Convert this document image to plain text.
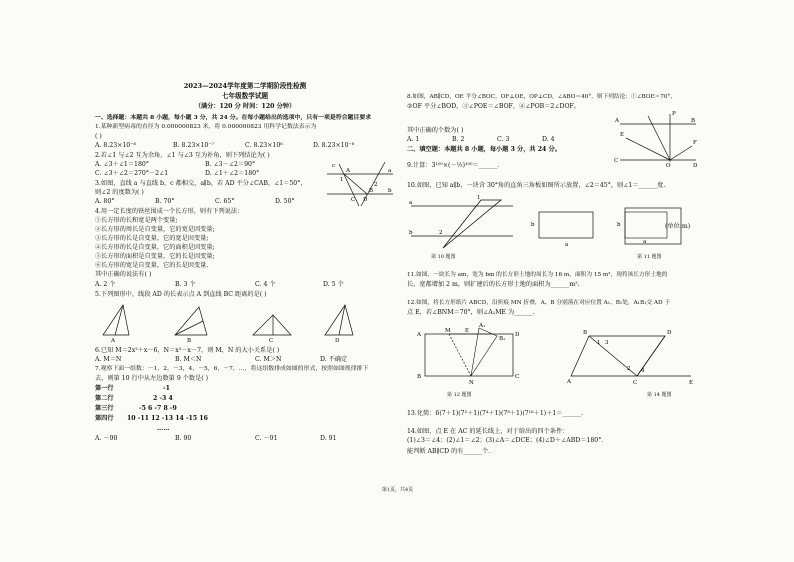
2023—2024学年度第二学期阶段性检测
七年级数学试题
（满分：120 分 时间：120 分钟）
一、选择题：本题共 8 小题，每小题 3 分，共 24 分。在每小题给出的选项中，只有一项是符合题目要求
1.某种新型病毒的直径为 0.000000823 米，将 0.000000823 用科学记数法表示为
( )
A. 8.23×10⁻⁶	B. 8.23×10⁻⁷	C. 8.23×10⁶	D. 8.23×10⁻⁸
2.若∠1 与∠2 互为余角，∠1 与∠3 互为补角，则下列结论为( )
A. ∠3＋∠1＝180°	B. ∠3－∠2＝90°
C. ∠3＋∠2＝270°－2∠1	D. ∠1＋∠2＝180°	a
b
c
A
B
C D
1
2
3.如图，直线 a 与直线 b，c 都相交，a∥b，若 AD 平分∠CAB，∠1＝50°，
则∠2 的度数为( )
A. 80°	B. 70°	C. 65°	D. 50°
4.用一定长度的铁丝围成一个长方形，则有下列说法：
①长方形的长和宽是两个变量;
②长方形的周长是自变量，它的宽是因变量;
③长方形的长是自变量，它的宽是因变量;
④长方形的长是自变量，它的面积是因变量;
⑤长方形的面积是自变量，它的长是因变量;
⑥长方形的宽是自变量，它的长是因变量.
其中正确的说法有( )
A. 2 个	B. 3 个	C. 4 个	D. 5 个
5.下列图形中，线段 AD 的长表示点 A 到直线 BC 距离的是( )
A	B	C	D
6.已知 M＝2x²＋x－6，N＝x²－x－7，则 M，N 的大小关系是( )
A. M＝N	B. M＜N	C. M＞N	D. 不确定
7.观察下面一组数：－1，2，－3，4，－5，6，－7，…，将这组数排成如图的形式，按照如图规律排下
去，则第 10 行中从左边数第 9 个数是( )
第一行	-1
第二行	2 -3 4
第三行	-5 6 -7 8 -9
第四行 10 -11 12 -13 14 -15 16
……
A. －90	B. 90	C. －91	D. 91
8.如图，AB∥CD，OE 平分∠BOC，OF⊥OE，OP⊥CD，∠ABO＝40°，则下列结论：①∠BOE＝70°，
②OF 平分∠BOD，③∠POE＝∠BOF，④∠POB＝2∠DOF。
其中正确的个数为( )
A. 1	B. 2	C. 3	D. 4
E
P
A	B
F
C
O	D
二、填空题：本题共 8 小题，每小题 3 分，共 24 分。
9.计算：3¹⁰⁰×(－⅓)¹⁰⁰＝______.
10.如图，已知 a∥b，一块含 30°角的直角三角板如图所示放置，∠2＝45°，则∠1＝______度.
a
b
1
2
第 10 题图
b
a
b
a
(单位:m)
第 11 题图
11.如图，一块长为 am，宽为 bm 的长方形土地的周长为 16 m，面积为 15 m²，现将该长方形土地的
长、宽都增加 2 m，则扩建后的长方形土地的面积为______m².
12.如图，将长方形纸片 ABCD，沿折痕 MN 折叠，A、B 分别落在对应位置 A₁、B₁处，A₁B₁交 AD 于
点 E，若∠BNM＝70°，则∠A₁ME 为______.
A
M	E
D
A₁
B₁
B
N
C
第 12 题图
B	D
A	C	E
1
2
3
4
第 14 题图
13.化简：6(7＋1)(7²＋1)(7⁴＋1)(7⁸＋1)(7¹⁶＋1)＋1＝______.
14.如图，点 E 在 AC 的延长线上，对于给出的四个条件：
(1)∠3＝∠4；(2)∠1＝∠2；(3)∠A＝∠DCE；(4)∠D＋∠ABD＝180°.
能判断 AB∥CD 的有______个.
第1页，共4页
